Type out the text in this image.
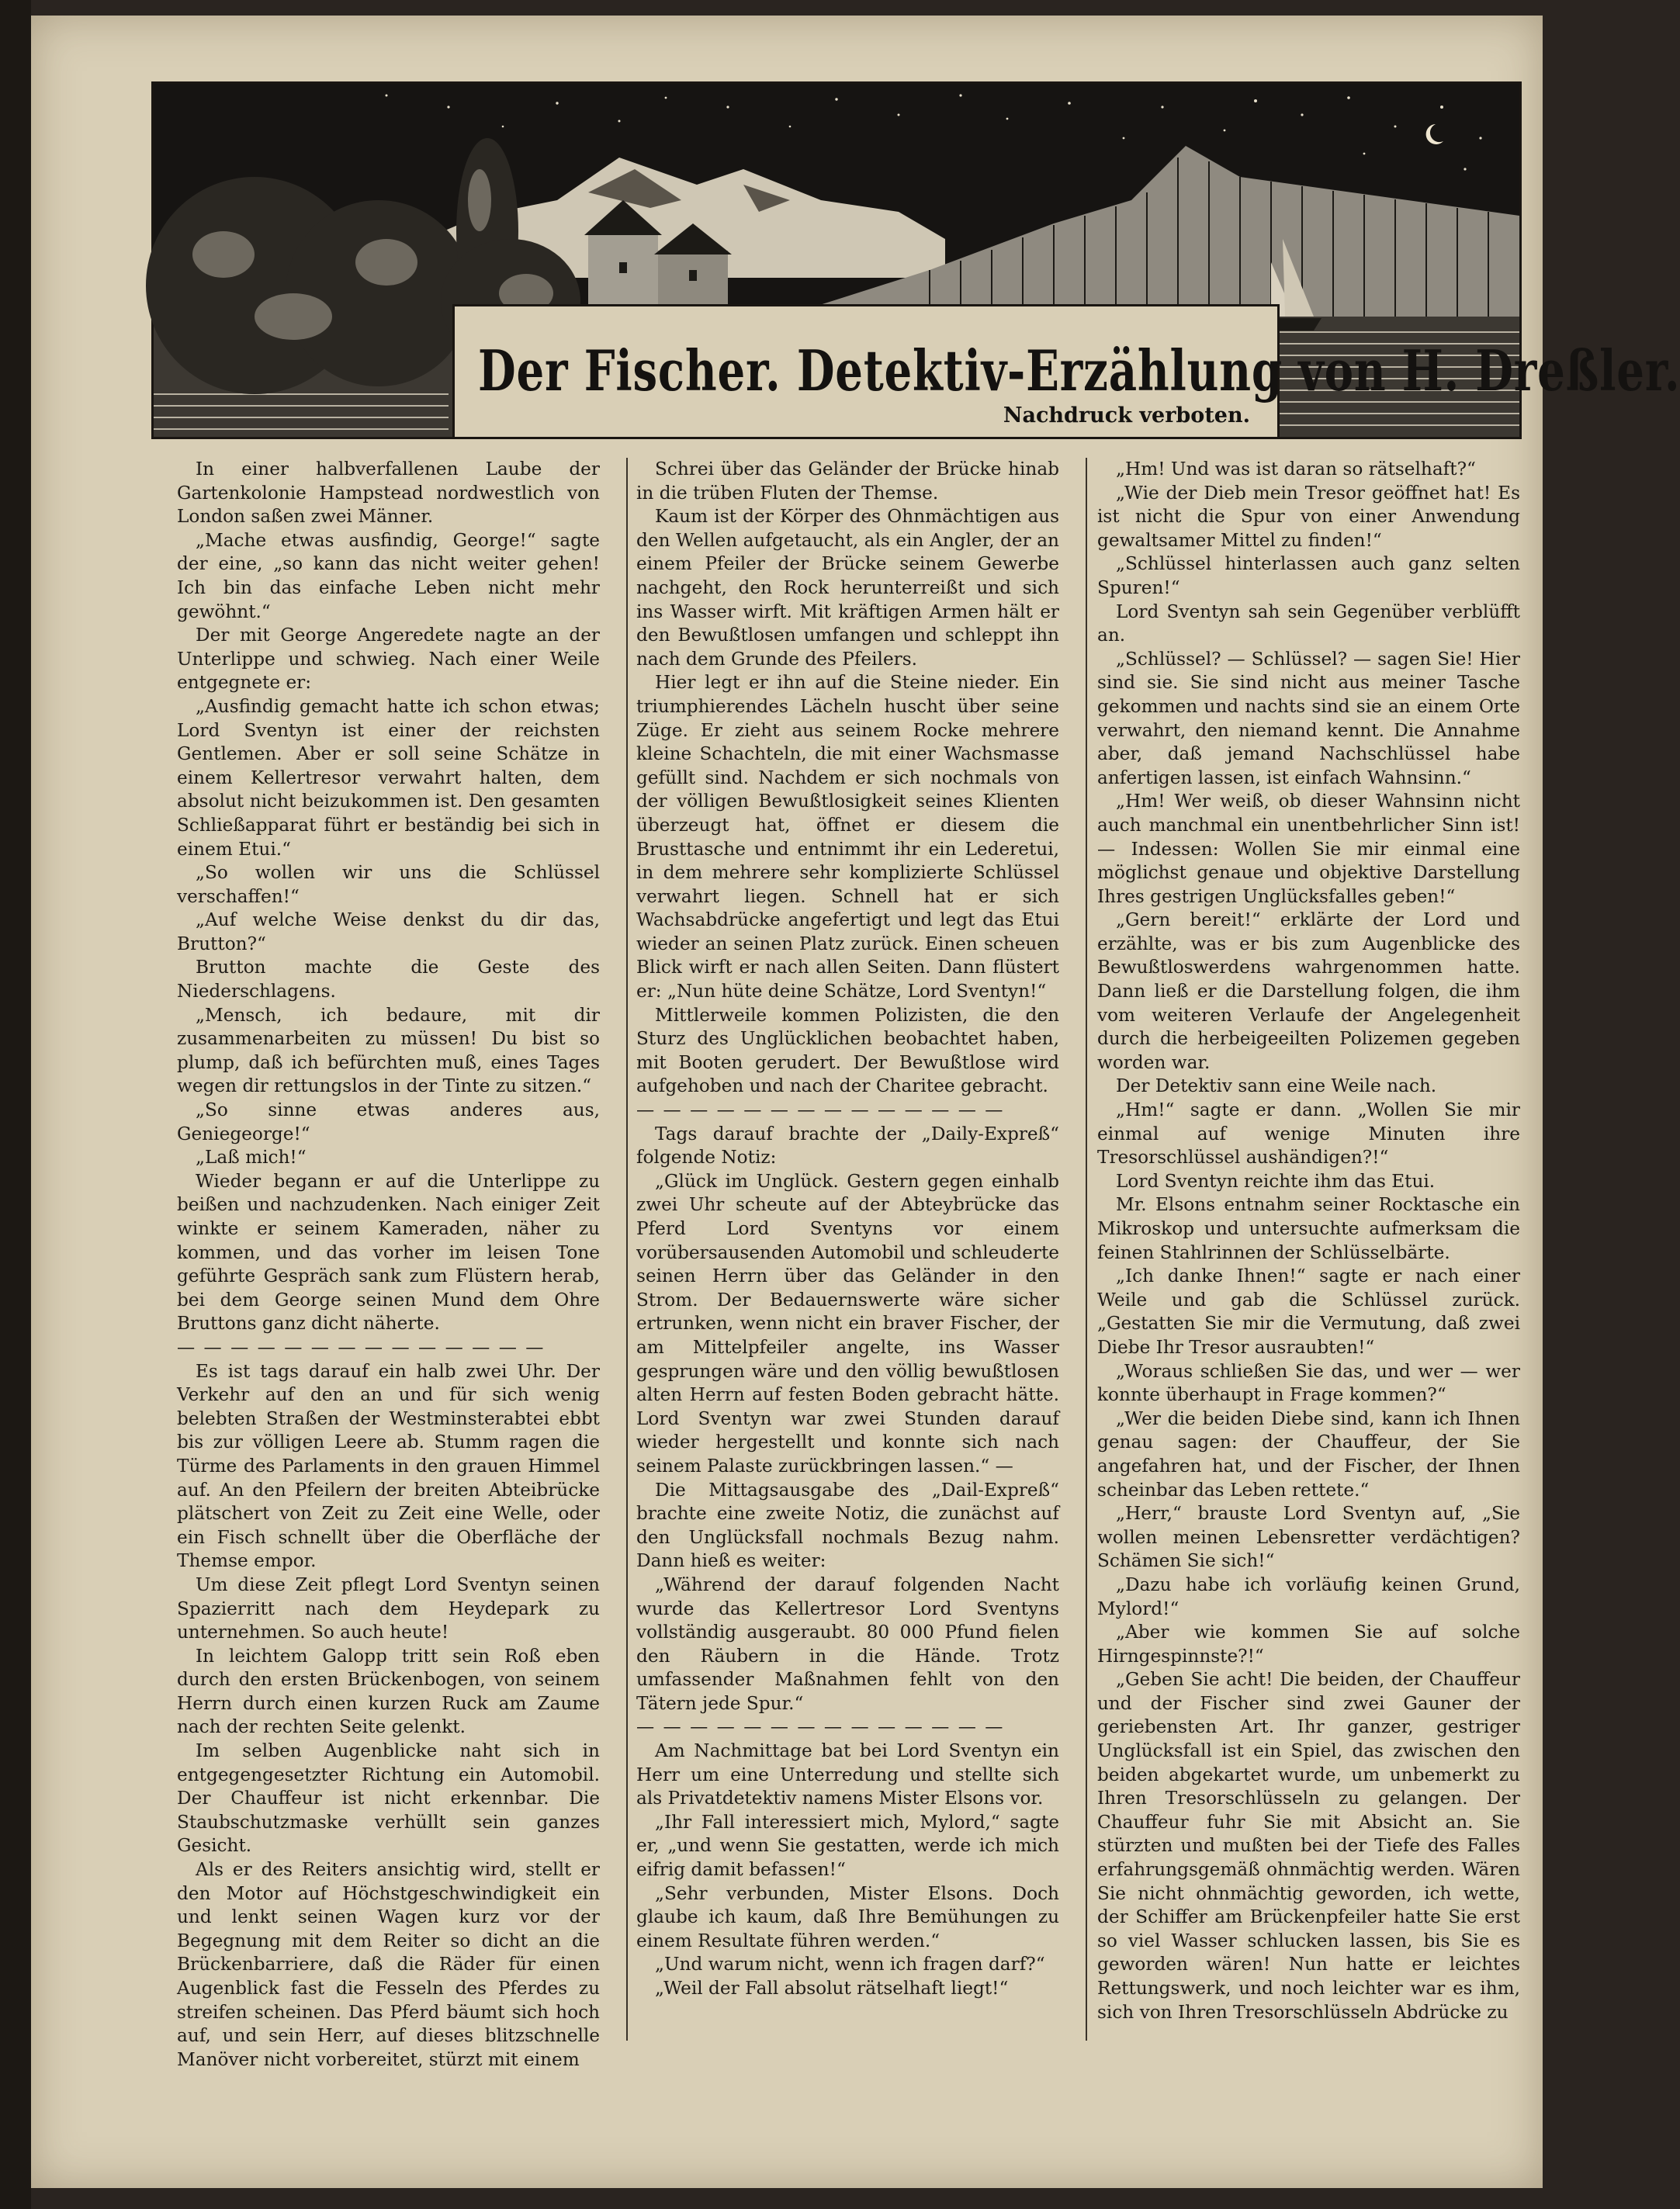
Der Fischer. Detektiv-Erzählung von H. Dreßler.
Nachdruck verboten.

In einer halbverfallenen Laube der Gartenkolonie Hampstead nordwestlich von London saßen zwei Männer.

„Mache etwas ausfindig, George!“ sagte der eine, „so kann das nicht weiter gehen! Ich bin das einfache Leben nicht mehr gewöhnt.“

Der mit George Angeredete nagte an der Unterlippe und schwieg. Nach einer Weile entgegnete er:

„Ausfindig gemacht hatte ich schon etwas; Lord Sventyn ist einer der reichsten Gentlemen. Aber er soll seine Schätze in einem Kellertresor verwahrt halten, dem absolut nicht beizukommen ist. Den gesamten Schließapparat führt er beständig bei sich in einem Etui.“

„So wollen wir uns die Schlüssel verschaffen!“

„Auf welche Weise denkst du dir das, Brutton?“

Brutton machte die Geste des Niederschlagens.

„Mensch, ich bedaure, mit dir zusammenarbeiten zu müssen! Du bist so plump, daß ich befürchten muß, eines Tages wegen dir rettungslos in der Tinte zu sitzen.“

„So sinne etwas anderes aus, Geniegeorge!“

„Laß mich!“

Wieder begann er auf die Unterlippe zu beißen und nachzudenken. Nach einiger Zeit winkte er seinem Kameraden, näher zu kommen, und das vorher im leisen Tone geführte Gespräch sank zum Flüstern herab, bei dem George seinen Mund dem Ohre Bruttons ganz dicht näherte.

— — — — — — — — — — — — — —

Es ist tags darauf ein halb zwei Uhr. Der Verkehr auf den an und für sich wenig belebten Straßen der Westminsterabtei ebbt bis zur völligen Leere ab. Stumm ragen die Türme des Parlaments in den grauen Himmel auf. An den Pfeilern der breiten Abteibrücke plätschert von Zeit zu Zeit eine Welle, oder ein Fisch schnellt über die Oberfläche der Themse empor.

Um diese Zeit pflegt Lord Sventyn seinen Spazierritt nach dem Heydepark zu unternehmen. So auch heute!

In leichtem Galopp tritt sein Roß eben durch den ersten Brückenbogen, von seinem Herrn durch einen kurzen Ruck am Zaume nach der rechten Seite gelenkt.

Im selben Augenblicke naht sich in entgegengesetzter Richtung ein Automobil. Der Chauffeur ist nicht erkennbar. Die Staubschutzmaske verhüllt sein ganzes Gesicht.

Als er des Reiters ansichtig wird, stellt er den Motor auf Höchstgeschwindigkeit ein und lenkt seinen Wagen kurz vor der Begegnung mit dem Reiter so dicht an die Brückenbarriere, daß die Räder für einen Augenblick fast die Fesseln des Pferdes zu streifen scheinen. Das Pferd bäumt sich hoch auf, und sein Herr, auf dieses blitzschnelle Manöver nicht vorbereitet, stürzt mit einem

Schrei über das Geländer der Brücke hinab in die trüben Fluten der Themse.

Kaum ist der Körper des Ohnmächtigen aus den Wellen aufgetaucht, als ein Angler, der an einem Pfeiler der Brücke seinem Gewerbe nachgeht, den Rock herunterreißt und sich ins Wasser wirft. Mit kräftigen Armen hält er den Bewußtlosen umfangen und schleppt ihn nach dem Grunde des Pfeilers.

Hier legt er ihn auf die Steine nieder. Ein triumphierendes Lächeln huscht über seine Züge. Er zieht aus seinem Rocke mehrere kleine Schachteln, die mit einer Wachsmasse gefüllt sind. Nachdem er sich nochmals von der völligen Bewußtlosigkeit seines Klienten überzeugt hat, öffnet er diesem die Brusttasche und entnimmt ihr ein Lederetui, in dem mehrere sehr komplizierte Schlüssel verwahrt liegen. Schnell hat er sich Wachsabdrücke angefertigt und legt das Etui wieder an seinen Platz zurück. Einen scheuen Blick wirft er nach allen Seiten. Dann flüstert er: „Nun hüte deine Schätze, Lord Sventyn!“

Mittlerweile kommen Polizisten, die den Sturz des Unglücklichen beobachtet haben, mit Booten gerudert. Der Bewußtlose wird aufgehoben und nach der Charitee gebracht.

— — — — — — — — — — — — — —

Tags darauf brachte der „Daily-Expreß“ folgende Notiz:

„Glück im Unglück. Gestern gegen einhalb zwei Uhr scheute auf der Abteybrücke das Pferd Lord Sventyns vor einem vorübersausenden Automobil und schleuderte seinen Herrn über das Geländer in den Strom. Der Bedauernswerte wäre sicher ertrunken, wenn nicht ein braver Fischer, der am Mittelpfeiler angelte, ins Wasser gesprungen wäre und den völlig bewußtlosen alten Herrn auf festen Boden gebracht hätte. Lord Sventyn war zwei Stunden darauf wieder hergestellt und konnte sich nach seinem Palaste zurückbringen lassen.“ —

Die Mittagsausgabe des „Dail-Expreß“ brachte eine zweite Notiz, die zunächst auf den Unglücksfall nochmals Bezug nahm. Dann hieß es weiter:

„Während der darauf folgenden Nacht wurde das Kellertresor Lord Sventyns vollständig ausgeraubt. 80 000 Pfund fielen den Räubern in die Hände. Trotz umfassender Maßnahmen fehlt von den Tätern jede Spur.“

— — — — — — — — — — — — — —

Am Nachmittage bat bei Lord Sventyn ein Herr um eine Unterredung und stellte sich als Privatdetektiv namens Mister Elsons vor.

„Ihr Fall interessiert mich, Mylord,“ sagte er, „und wenn Sie gestatten, werde ich mich eifrig damit befassen!“

„Sehr verbunden, Mister Elsons. Doch glaube ich kaum, daß Ihre Bemühungen zu einem Resultate führen werden.“

„Und warum nicht, wenn ich fragen darf?“

„Weil der Fall absolut rätselhaft liegt!“

„Hm! Und was ist daran so rätselhaft?“

„Wie der Dieb mein Tresor geöffnet hat! Es ist nicht die Spur von einer Anwendung gewaltsamer Mittel zu finden!“

„Schlüssel hinterlassen auch ganz selten Spuren!“

Lord Sventyn sah sein Gegenüber verblüfft an.

„Schlüssel? — Schlüssel? — sagen Sie! Hier sind sie. Sie sind nicht aus meiner Tasche gekommen und nachts sind sie an einem Orte verwahrt, den niemand kennt. Die Annahme aber, daß jemand Nachschlüssel habe anfertigen lassen, ist einfach Wahnsinn.“

„Hm! Wer weiß, ob dieser Wahnsinn nicht auch manchmal ein unentbehrlicher Sinn ist! — Indessen: Wollen Sie mir einmal eine möglichst genaue und objektive Darstellung Ihres gestrigen Unglücksfalles geben!“

„Gern bereit!“ erklärte der Lord und erzählte, was er bis zum Augenblicke des Bewußtloswerdens wahrgenommen hatte. Dann ließ er die Darstellung folgen, die ihm vom weiteren Verlaufe der Angelegenheit durch die herbeigeeilten Polizemen gegeben worden war.

Der Detektiv sann eine Weile nach.

„Hm!“ sagte er dann. „Wollen Sie mir einmal auf wenige Minuten ihre Tresorschlüssel aushändigen?!“

Lord Sventyn reichte ihm das Etui.

Mr. Elsons entnahm seiner Rocktasche ein Mikroskop und untersuchte aufmerksam die feinen Stahlrinnen der Schlüsselbärte.

„Ich danke Ihnen!“ sagte er nach einer Weile und gab die Schlüssel zurück. „Gestatten Sie mir die Vermutung, daß zwei Diebe Ihr Tresor ausraubten!“

„Woraus schließen Sie das, und wer — wer konnte überhaupt in Frage kommen?“

„Wer die beiden Diebe sind, kann ich Ihnen genau sagen: der Chauffeur, der Sie angefahren hat, und der Fischer, der Ihnen scheinbar das Leben rettete.“

„Herr,“ brauste Lord Sventyn auf, „Sie wollen meinen Lebensretter verdächtigen? Schämen Sie sich!“

„Dazu habe ich vorläufig keinen Grund, Mylord!“

„Aber wie kommen Sie auf solche Hirngespinnste?!“

„Geben Sie acht! Die beiden, der Chauffeur und der Fischer sind zwei Gauner der geriebensten Art. Ihr ganzer, gestriger Unglücksfall ist ein Spiel, das zwischen den beiden abgekartet wurde, um unbemerkt zu Ihren Tresorschlüsseln zu gelangen. Der Chauffeur fuhr Sie mit Absicht an. Sie stürzten und mußten bei der Tiefe des Falles erfahrungsgemäß ohnmächtig werden. Wären Sie nicht ohnmächtig geworden, ich wette, der Schiffer am Brückenpfeiler hatte Sie erst so viel Wasser schlucken lassen, bis Sie es geworden wären! Nun hatte er leichtes Rettungswerk, und noch leichter war es ihm, sich von Ihren Tresorschlüsseln Abdrücke zu
